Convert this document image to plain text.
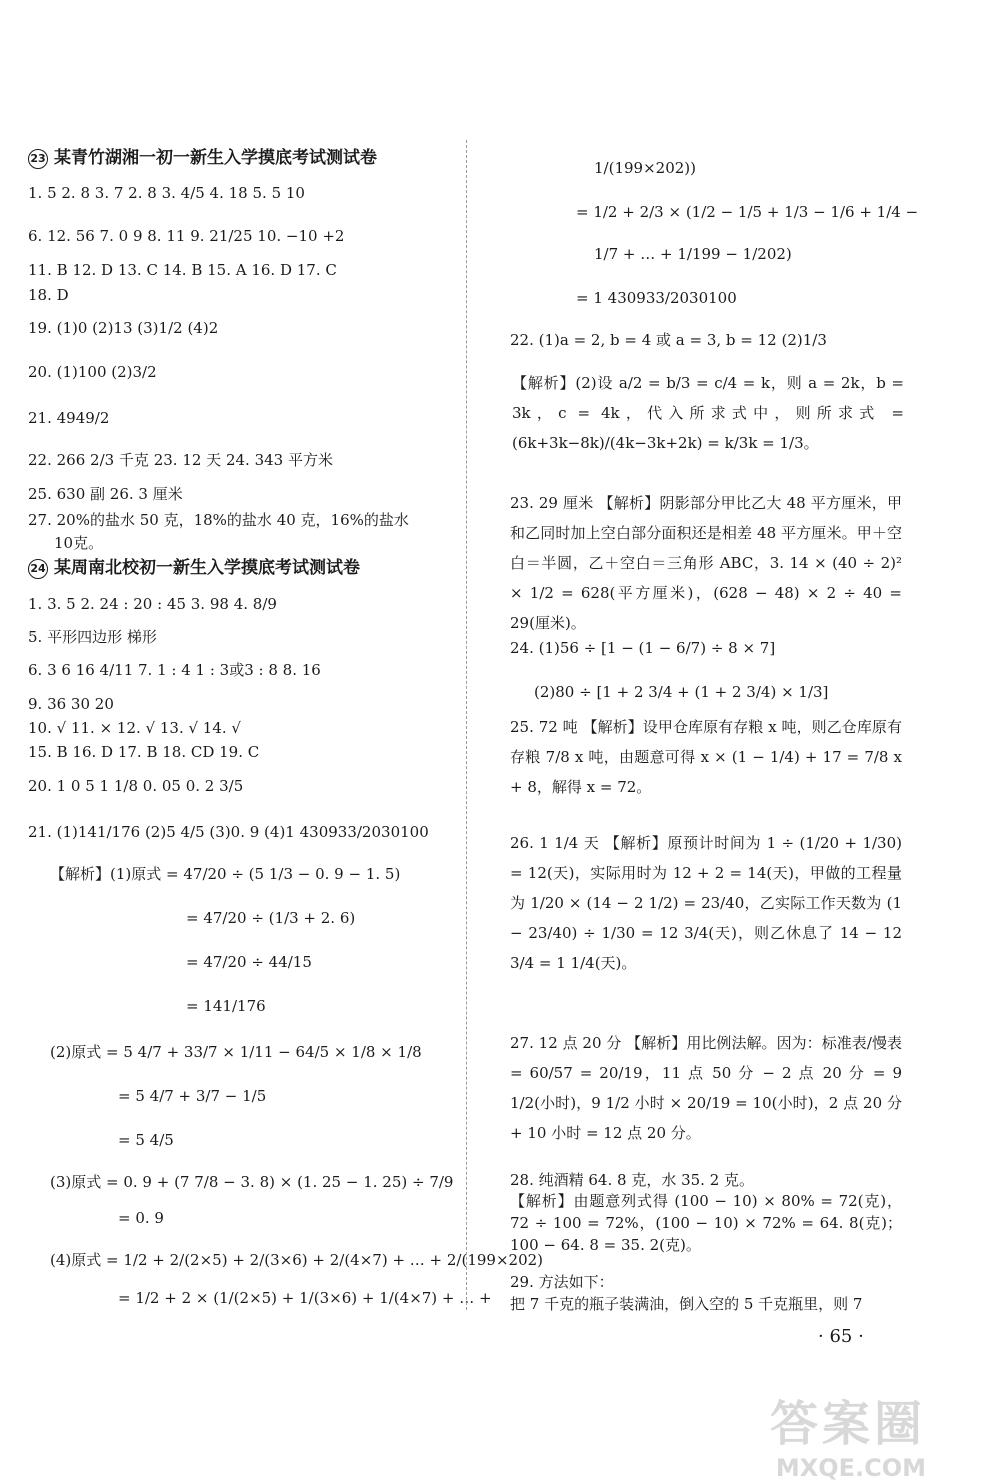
23 某青竹湖湘一初一新生入学摸底考试测试卷
1. 5 2. 8 3. 7 2. 8 3. 4/5 4. 18 5. 5 10
6. 12. 56 7. 0 9 8. 11 9. 21/25 10. −10 +2
11. B 12. D 13. C 14. B 15. A 16. D 17. C
18. D
19. (1)0 (2)13 (3)1/2 (4)2
20. (1)100 (2)3/2
21. 4949/2
22. 266 2/3 千克 23. 12 天 24. 343 平方米
25. 630 副 26. 3 厘米
27. 20%的盐水 50 克，18%的盐水 40 克，16%的盐水
10克。
24 某周南北校初一新生入学摸底考试测试卷
1. 3. 5 2. 24 : 20 : 45 3. 98 4. 8/9
5. 平形四边形 梯形
6. 3 6 16 4/11 7. 1 : 4 1 : 3或3 : 8 8. 16
9. 36 30 20
10. √ 11. × 12. √ 13. √ 14. √
15. B 16. D 17. B 18. CD 19. C
20. 1 0 5 1 1/8 0. 05 0. 2 3/5
21. (1)141/176 (2)5 4/5 (3)0. 9 (4)1 430933/2030100
【解析】(1)原式 = 47/20 ÷ (5 1/3 − 0. 9 − 1. 5)
= 47/20 ÷ (1/3 + 2. 6)
= 47/20 ÷ 44/15
= 141/176
(2)原式 = 5 4/7 + 33/7 × 1/11 − 64/5 × 1/8 × 1/8
= 5 4/7 + 3/7 − 1/5
= 5 4/5
(3)原式 = 0. 9 + (7 7/8 − 3. 8) × (1. 25 − 1. 25) ÷ 7/9
= 0. 9
(4)原式 = 1/2 + 2/(2×5) + 2/(3×6) + 2/(4×7) + … + 2/(199×202)
= 1/2 + 2 × (1/(2×5) + 1/(3×6) + 1/(4×7) + … +
1/(199×202))
= 1/2 + 2/3 × (1/2 − 1/5 + 1/3 − 1/6 + 1/4 −
1/7 + … + 1/199 − 1/202)
= 1 430933/2030100
22. (1)a = 2, b = 4 或 a = 3, b = 12 (2)1/3
【解析】(2)设 a/2 = b/3 = c/4 = k，则 a = 2k，b = 3k，c = 4k，代入所求式中，则所求式 = (6k+3k−8k)/(4k−3k+2k) = k/3k = 1/3。
23. 29 厘米 【解析】阴影部分甲比乙大 48 平方厘米，甲和乙同时加上空白部分面积还是相差 48 平方厘米。甲＋空白＝半圆，乙＋空白＝三角形 ABC，3. 14 × (40 ÷ 2)² × 1/2 = 628(平方厘米)，(628 − 48) × 2 ÷ 40 = 29(厘米)。
24. (1)56 ÷ [1 − (1 − 6/7) ÷ 8 × 7]
(2)80 ÷ [1 + 2 3/4 + (1 + 2 3/4) × 1/3]
25. 72 吨 【解析】设甲仓库原有存粮 x 吨，则乙仓库原有存粮 7/8 x 吨，由题意可得 x × (1 − 1/4) + 17 = 7/8 x + 8，解得 x = 72。
26. 1 1/4 天 【解析】原预计时间为 1 ÷ (1/20 + 1/30) = 12(天)，实际用时为 12 + 2 = 14(天)，甲做的工程量为 1/20 × (14 − 2 1/2) = 23/40，乙实际工作天数为 (1 − 23/40) ÷ 1/30 = 12 3/4(天)，则乙休息了 14 − 12 3/4 = 1 1/4(天)。
27. 12 点 20 分 【解析】用比例法解。因为：标准表/慢表 = 60/57 = 20/19，11 点 50 分 − 2 点 20 分 = 9 1/2(小时)，9 1/2 小时 × 20/19 = 10(小时)，2 点 20 分 + 10 小时 = 12 点 20 分。
28. 纯酒精 64. 8 克，水 35. 2 克。
【解析】由题意列式得 (100 − 10) × 80% = 72(克)，72 ÷ 100 = 72%，(100 − 10) × 72% = 64. 8(克)；100 − 64. 8 = 35. 2(克)。
29. 方法如下：
把 7 千克的瓶子装满油，倒入空的 5 千克瓶里，则 7
· 65 ·
答案圈
MXQE.COM
